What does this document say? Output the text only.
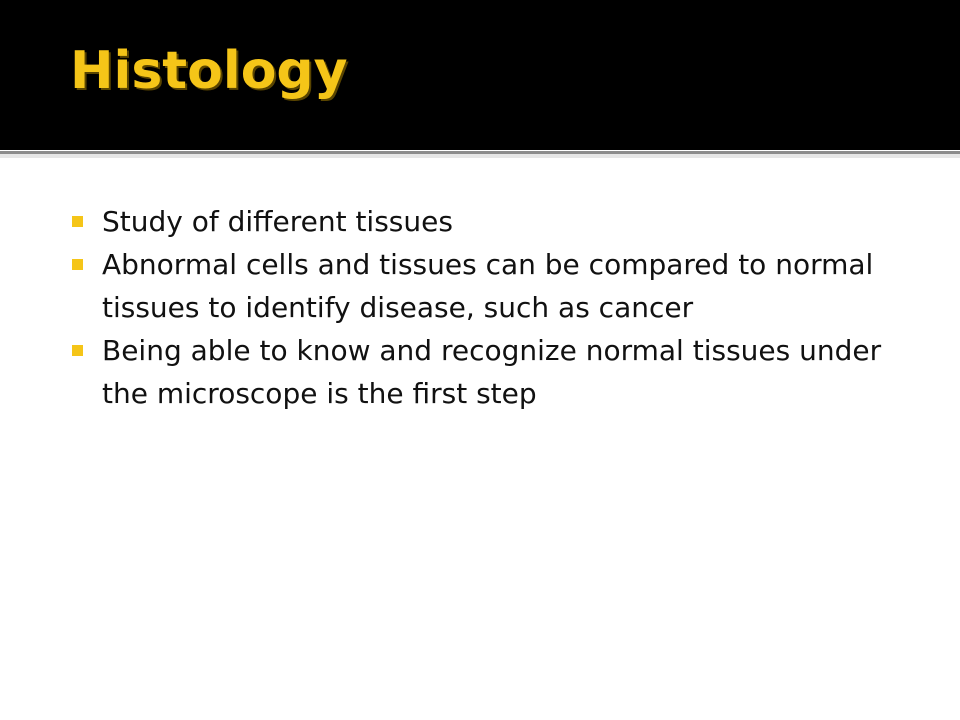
Histology
Study of different tissues
Abnormal cells and tissues can be compared to normal tissues to identify disease, such as cancer
Being able to know and recognize normal tissues under the microscope is the first step
